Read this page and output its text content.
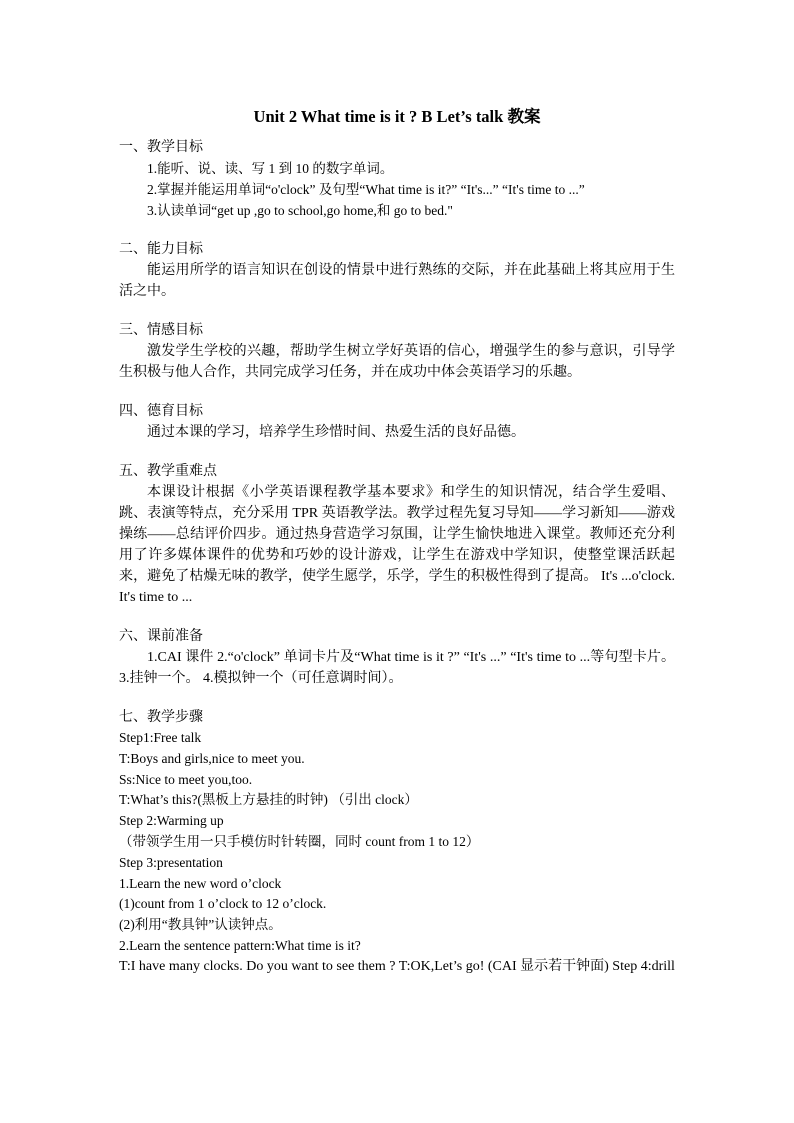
Unit 2 What time is it ? B Let’s talk 教案
一、教学目标
1.能听、说、读、写 1 到 10 的数字单词。
2.掌握并能运用单词“o'clock” 及句型“What time is it?” “It's...” “It's time to ...”
3.认读单词“get up ,go to school,go home,和 go to bed."
二、能力目标
能运用所学的语言知识在创设的情景中进行熟练的交际，并在此基础上将其应用于生活之中。
三、情感目标
激发学生学校的兴趣，帮助学生树立学好英语的信心，增强学生的参与意识，引导学生积极与他人合作，共同完成学习任务，并在成功中体会英语学习的乐趣。
四、德育目标
通过本课的学习，培养学生珍惜时间、热爱生活的良好品德。
五、教学重难点
本课设计根据《小学英语课程教学基本要求》和学生的知识情况，结合学生爱唱、跳、表演等特点，充分采用 TPR 英语教学法。教学过程先复习导知——学习新知——游戏操练——总结评价四步。通过热身营造学习氛围，让学生愉快地进入课堂。教师还充分利用了许多媒体课件的优势和巧妙的设计游戏，让学生在游戏中学知识，使整堂课活跃起来，避免了枯燥无味的教学，使学生愿学，乐学，学生的积极性得到了提高。 It's ...o'clock. It's time to ...
六、课前准备
1.CAI 课件 2.“o'clock” 单词卡片及“What time is it ?” “It's ...” “It's time to ...等句型卡片。 3.挂钟一个。 4.模拟钟一个（可任意调时间）。
七、教学步骤
Step1:Free talk
T:Boys and girls,nice to meet you.
Ss:Nice to meet you,too.
T:What’s this?(黑板上方悬挂的时钟) （引出 clock）
Step 2:Warming up
（带领学生用一只手模仿时针转圈，同时 count from 1 to 12）
Step 3:presentation
1.Learn the new word o’clock
(1)count from 1 o’clock to 12 o’clock.
(2)利用“教具钟”认读钟点。
2.Learn the sentence pattern:What time is it?
T:I have many clocks. Do you want to see them ? T:OK,Let’s go! (CAI 显示若干钟面) Step 4:drill
